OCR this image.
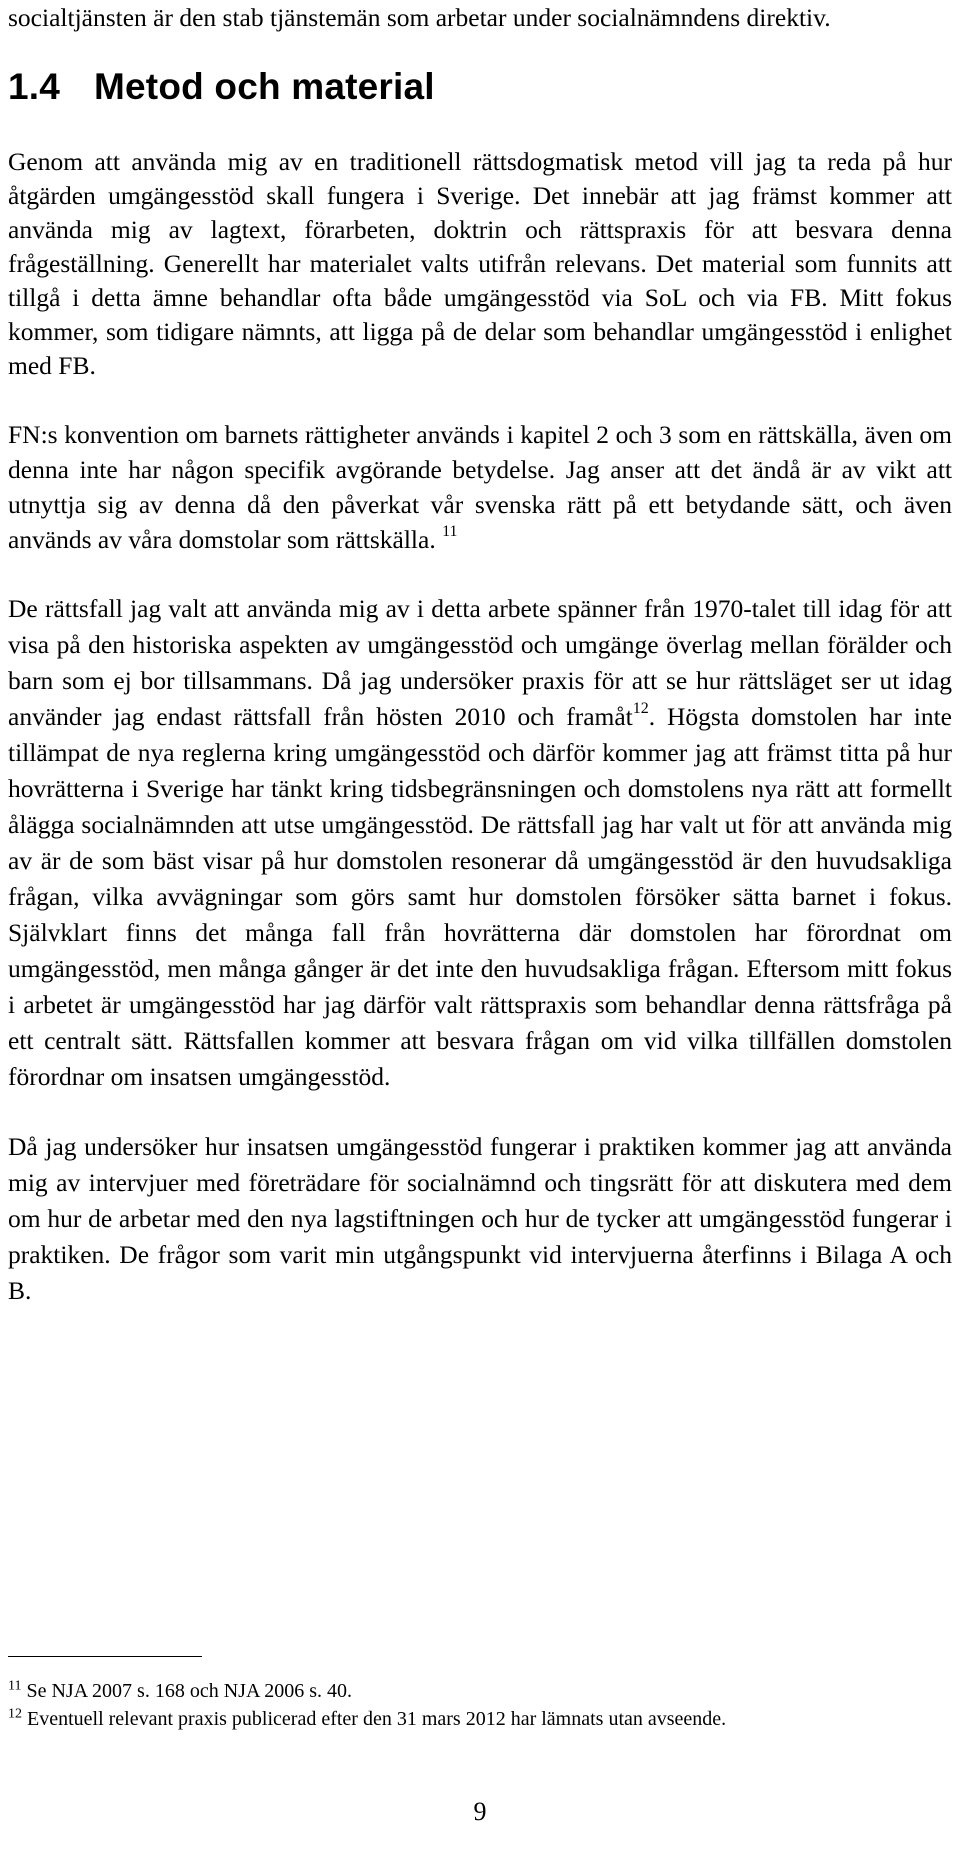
socialtjänsten är den stab tjänstemän som arbetar under socialnämndens direktiv.

1.4 Metod och material

Genom att använda mig av en traditionell rättsdogmatisk metod vill jag ta reda på hur åtgärden umgängesstöd skall fungera i Sverige. Det innebär att jag främst kommer att använda mig av lagtext, förarbeten, doktrin och rättspraxis för att besvara denna frågeställning. Generellt har materialet valts utifrån relevans. Det material som funnits att tillgå i detta ämne behandlar ofta både umgängesstöd via SoL och via FB. Mitt fokus kommer, som tidigare nämnts, att ligga på de delar som behandlar umgängesstöd i enlighet med FB.

FN:s konvention om barnets rättigheter används i kapitel 2 och 3 som en rättskälla, även om denna inte har någon specifik avgörande betydelse. Jag anser att det ändå är av vikt att utnyttja sig av denna då den påverkat vår svenska rätt på ett betydande sätt, och även används av våra domstolar som rättskälla. $^{11}$

De rättsfall jag valt att använda mig av i detta arbete spänner från 1970-talet till idag för att visa på den historiska aspekten av umgängesstöd och umgänge överlag mellan förälder och barn som ej bor tillsammans. Då jag undersöker praxis för att se hur rättsläget ser ut idag använder jag endast rättsfall från hösten 2010 och framåt$^{12}$. Högsta domstolen har inte tillämpat de nya reglerna kring umgängesstöd och därför kommer jag att främst titta på hur hovrätterna i Sverige har tänkt kring tidsbegränsningen och domstolens nya rätt att formellt ålägga socialnämnden att utse umgängesstöd. De rättsfall jag har valt ut för att använda mig av är de som bäst visar på hur domstolen resonerar då umgängesstöd är den huvudsakliga frågan, vilka avvägningar som görs samt hur domstolen försöker sätta barnet i fokus. Självklart finns det många fall från hovrätterna där domstolen har förordnat om umgängesstöd, men många gånger är det inte den huvudsakliga frågan. Eftersom mitt fokus i arbetet är umgängesstöd har jag därför valt rättspraxis som behandlar denna rättsfråga på ett centralt sätt. Rättsfallen kommer att besvara frågan om vid vilka tillfällen domstolen förordnar om insatsen umgängesstöd.

Då jag undersöker hur insatsen umgängesstöd fungerar i praktiken kommer jag att använda mig av intervjuer med företrädare för socialnämnd och tingsrätt för att diskutera med dem om hur de arbetar med den nya lagstiftningen och hur de tycker att umgängesstöd fungerar i praktiken. De frågor som varit min utgångspunkt vid intervjuerna återfinns i Bilaga A och B.

$^{11}$ Se NJA 2007 s. 168 och NJA 2006 s. 40.

$^{12}$ Eventuell relevant praxis publicerad efter den 31 mars 2012 har lämnats utan avseende.

9
